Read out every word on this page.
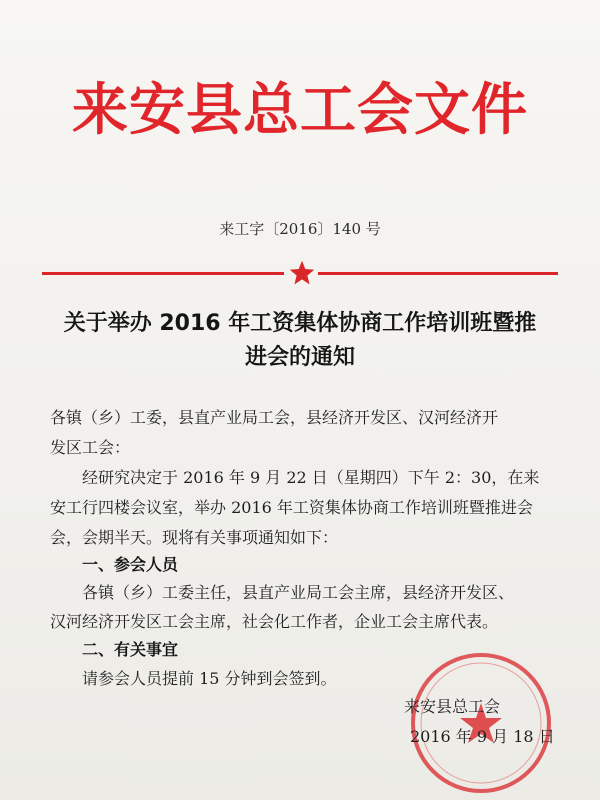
来安县总工会文件
来工字〔2016〕140 号
关于举办 2016 年工资集体协商工作培训班暨推
进会的通知
各镇（乡）工委，县直产业局工会，县经济开发区、汉河经济开
发区工会：
经研究决定于 2016 年 9 月 22 日（星期四）下午 2：30，在来
安工行四楼会议室，举办 2016 年工资集体协商工作培训班暨推进会
会，会期半天。现将有关事项通知如下：
一、参会人员
各镇（乡）工委主任，县直产业局工会主席，县经济开发区、
汉河经济开发区工会主席，社会化工作者，企业工会主席代表。
二、有关事宜
请参会人员提前 15 分钟到会签到。
来安县总工会
2016 年 9 月 18 日
